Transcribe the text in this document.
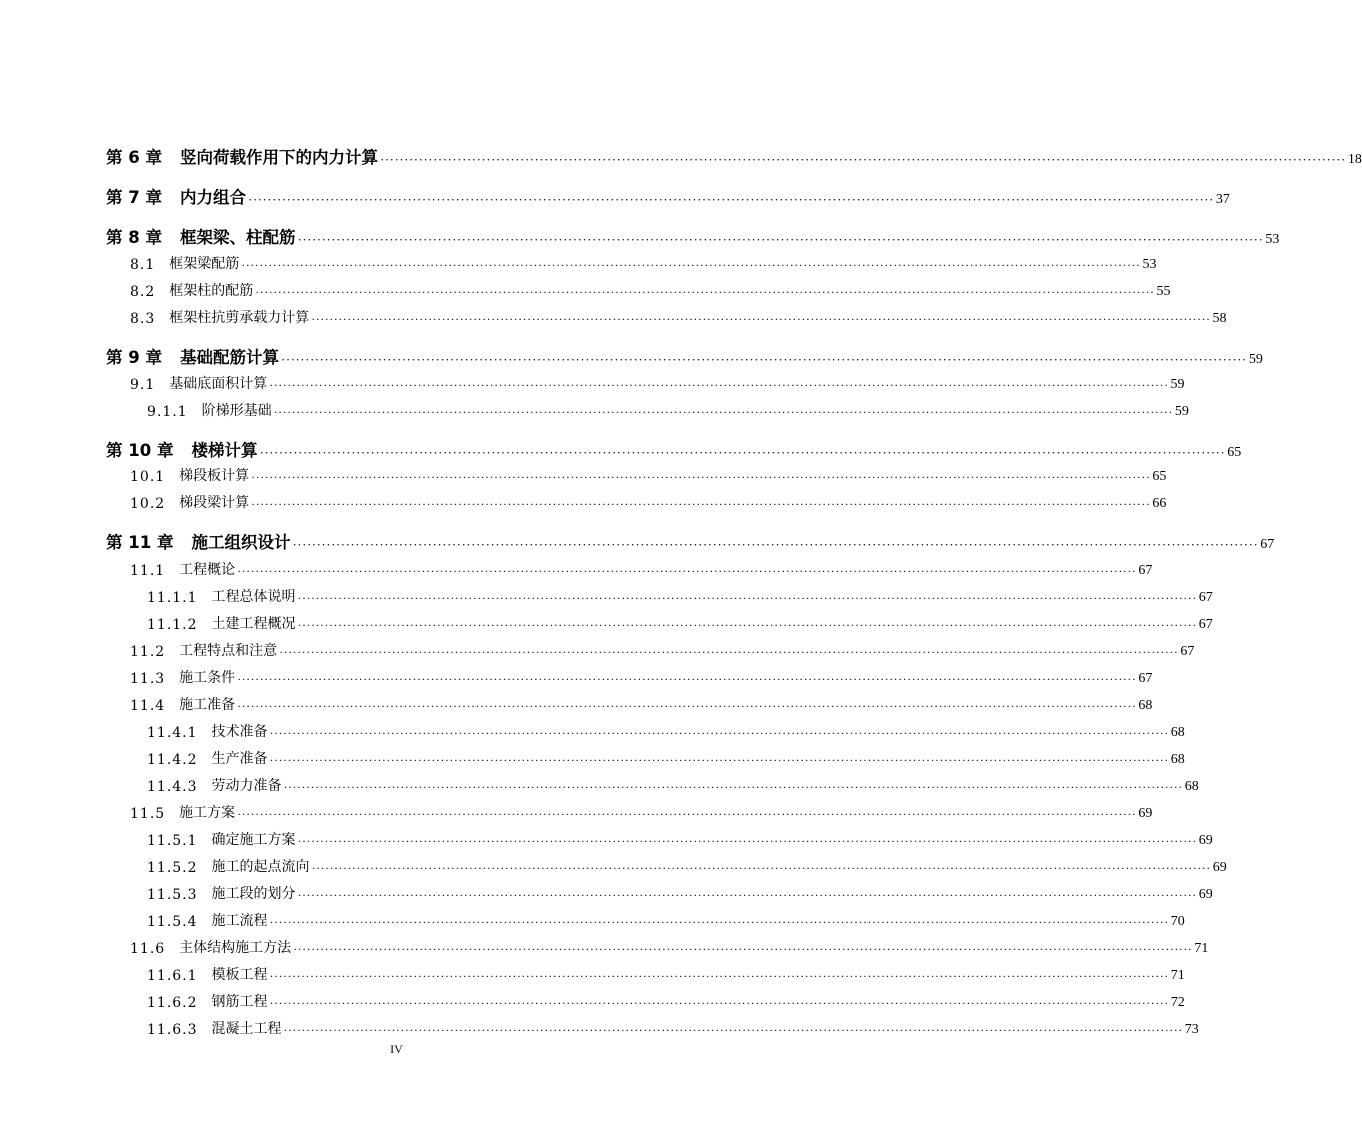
第 6 章 竖向荷载作用下的内力计算 ········································································································································································································ 18
第 7 章 内力组合 ········································································································································································································ 37
第 8 章 框架梁、柱配筋 ········································································································································································································ 53
8.1 框架梁配筋 ········································································································································································································ 53
8.2 框架柱的配筋 ········································································································································································································ 55
8.3 框架柱抗剪承载力计算 ········································································································································································································ 58
第 9 章 基础配筋计算 ········································································································································································································ 59
9.1 基础底面积计算 ········································································································································································································ 59
9.1.1 阶梯形基础 ········································································································································································································ 59
第 10 章 楼梯计算 ········································································································································································································ 65
10.1 梯段板计算 ········································································································································································································ 65
10.2 梯段梁计算 ········································································································································································································ 66
第 11 章 施工组织设计 ········································································································································································································ 67
11.1 工程概论 ········································································································································································································ 67
11.1.1 工程总体说明 ········································································································································································································ 67
11.1.2 土建工程概况 ········································································································································································································ 67
11.2 工程特点和注意 ········································································································································································································ 67
11.3 施工条件 ········································································································································································································ 67
11.4 施工准备 ········································································································································································································ 68
11.4.1 技术准备 ········································································································································································································ 68
11.4.2 生产准备 ········································································································································································································ 68
11.4.3 劳动力准备 ········································································································································································································ 68
11.5 施工方案 ········································································································································································································ 69
11.5.1 确定施工方案 ········································································································································································································ 69
11.5.2 施工的起点流向 ········································································································································································································ 69
11.5.3 施工段的划分 ········································································································································································································ 69
11.5.4 施工流程 ········································································································································································································ 70
11.6 主体结构施工方法 ········································································································································································································ 71
11.6.1 模板工程 ········································································································································································································ 71
11.6.2 钢筋工程 ········································································································································································································ 72
11.6.3 混凝土工程 ········································································································································································································ 73
IV
